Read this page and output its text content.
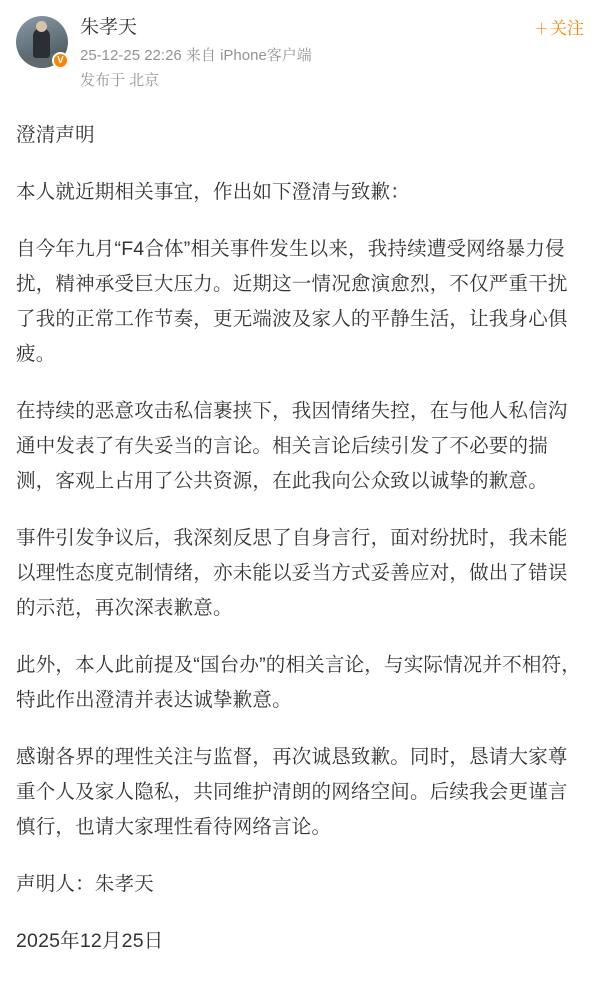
V
朱孝天
25-12-25 22:26 来自 iPhone客户端
发布于 北京
＋关注

澄清声明

本人就近期相关事宜，作出如下澄清与致歉：

自今年九月“F4合体”相关事件发生以来，我持续遭受网络暴力侵扰，精神承受巨大压力。近期这一情况愈演愈烈，不仅严重干扰了我的正常工作节奏，更无端波及家人的平静生活，让我身心俱疲。

在持续的恶意攻击私信裹挟下，我因情绪失控，在与他人私信沟通中发表了有失妥当的言论。相关言论后续引发了不必要的揣测，客观上占用了公共资源，在此我向公众致以诚挚的歉意。

事件引发争议后，我深刻反思了自身言行，面对纷扰时，我未能以理性态度克制情绪，亦未能以妥当方式妥善应对，做出了错误的示范，再次深表歉意。

此外，本人此前提及“国台办”的相关言论，与实际情况并不相符，特此作出澄清并表达诚挚歉意。

感谢各界的理性关注与监督，再次诚恳致歉。同时，恳请大家尊重个人及家人隐私，共同维护清朗的网络空间。后续我会更谨言慎行，也请大家理性看待网络言论。

声明人：朱孝天

2025年12月25日
